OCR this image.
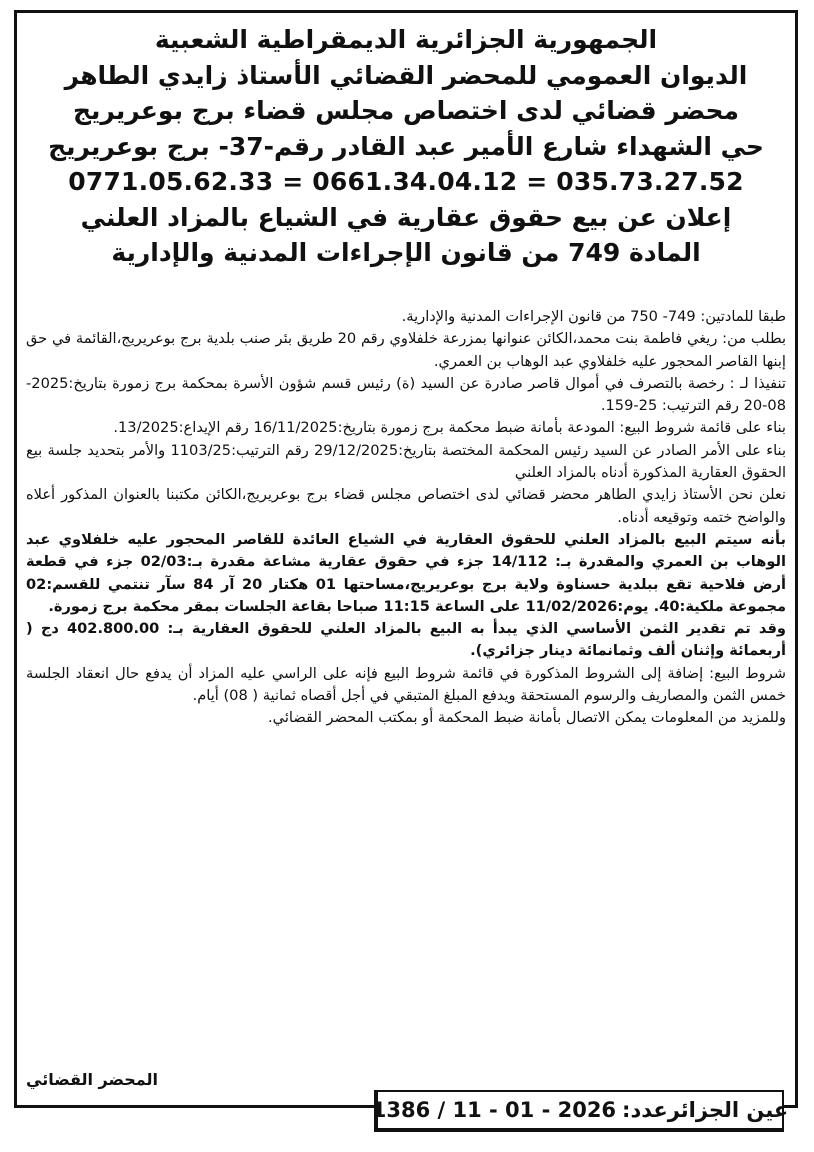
الجمهورية الجزائرية الديمقراطية الشعبية
الديوان العمومي للمحضر القضائي الأستاذ زايدي الطاهر
محضر قضائي لدى اختصاص مجلس قضاء برج بوعريريج
حي الشهداء شارع الأمير عبد القادر رقم-37- برج بوعريريج
0771.05.62.33 = 0661.34.04.12 = 035.73.27.52
إعلان عن بيع حقوق عقارية في الشياع بالمزاد العلني
المادة 749 من قانون الإجراءات المدنية والإدارية

طبقا للمادتين: 749- 750 من قانون الإجراءات المدنية والإدارية.

بطلب من: ريغي فاطمة بنت محمد،الكائن عنوانها بمزرعة خلفلاوي رقم 20 طريق بئر صنب بلدية برج بوعريريج،القائمة في حق إبنها القاصر المحجور عليه خلفلاوي عبد الوهاب بن العمري.

تنفيذا لـ : رخصة بالتصرف في أموال قاصر صادرة عن السيد (ة) رئيس قسم شؤون الأسرة بمحكمة برج زمورة بتاريخ:2025-08-20 رقم الترتيب: 25-159.

بناء على قائمة شروط البيع: المودعة بأمانة ضبط محكمة برج زمورة بتاريخ:16/11/2025 رقم الإيداع:13/2025.

بناء على الأمر الصادر عن السيد رئيس المحكمة المختصة بتاريخ:29/12/2025 رقم الترتيب:1103/25 والأمر بتحديد جلسة بيع الحقوق العقارية المذكورة أدناه بالمزاد العلني

نعلن نحن الأستاذ زايدي الطاهر محضر قضائي لدى اختصاص مجلس قضاء برج بوعريريج،الكائن مكتبنا بالعنوان المذكور أعلاه والواضح ختمه وتوقيعه أدناه.

بأنه سيتم البيع بالمزاد العلني للحقوق العقارية في الشياع العائدة للقاصر المحجور عليه خلفلاوي عبد الوهاب بن العمري والمقدرة بـ: 14/112 جزء في حقوق عقارية مشاعة مقدرة بـ:02/03 جزء في قطعة أرض فلاحية تقع ببلدية حسناوة ولاية برج بوعريريج،مساحتها 01 هكتار 20 آر 84 سآر تنتمي للقسم:02 مجموعة ملكية:40. يوم:11/02/2026 على الساعة 11:15 صباحا بقاعة الجلسات بمقر محكمة برج زمورة.

وقد تم تقدير الثمن الأساسي الذي يبدأ به البيع بالمزاد العلني للحقوق العقارية بـ: 402.800.00 دج ( أربعمائة وإثنان ألف وثمانمائة دينار جزائري).

شروط البيع: إضافة إلى الشروط المذكورة في قائمة شروط البيع فإنه على الراسي عليه المزاد أن يدفع حال انعقاد الجلسة خمس الثمن والمصاريف والرسوم المستحقة ويدفع المبلغ المتبقي في أجل أقصاه ثمانية ( 08) أيام.

وللمزيد من المعلومات يمكن الاتصال بأمانة ضبط المحكمة أو بمكتب المحضر القضائي.

المحضر القضائي
عين الجزائرعدد:
1386 / 11 - 01 - 2026
